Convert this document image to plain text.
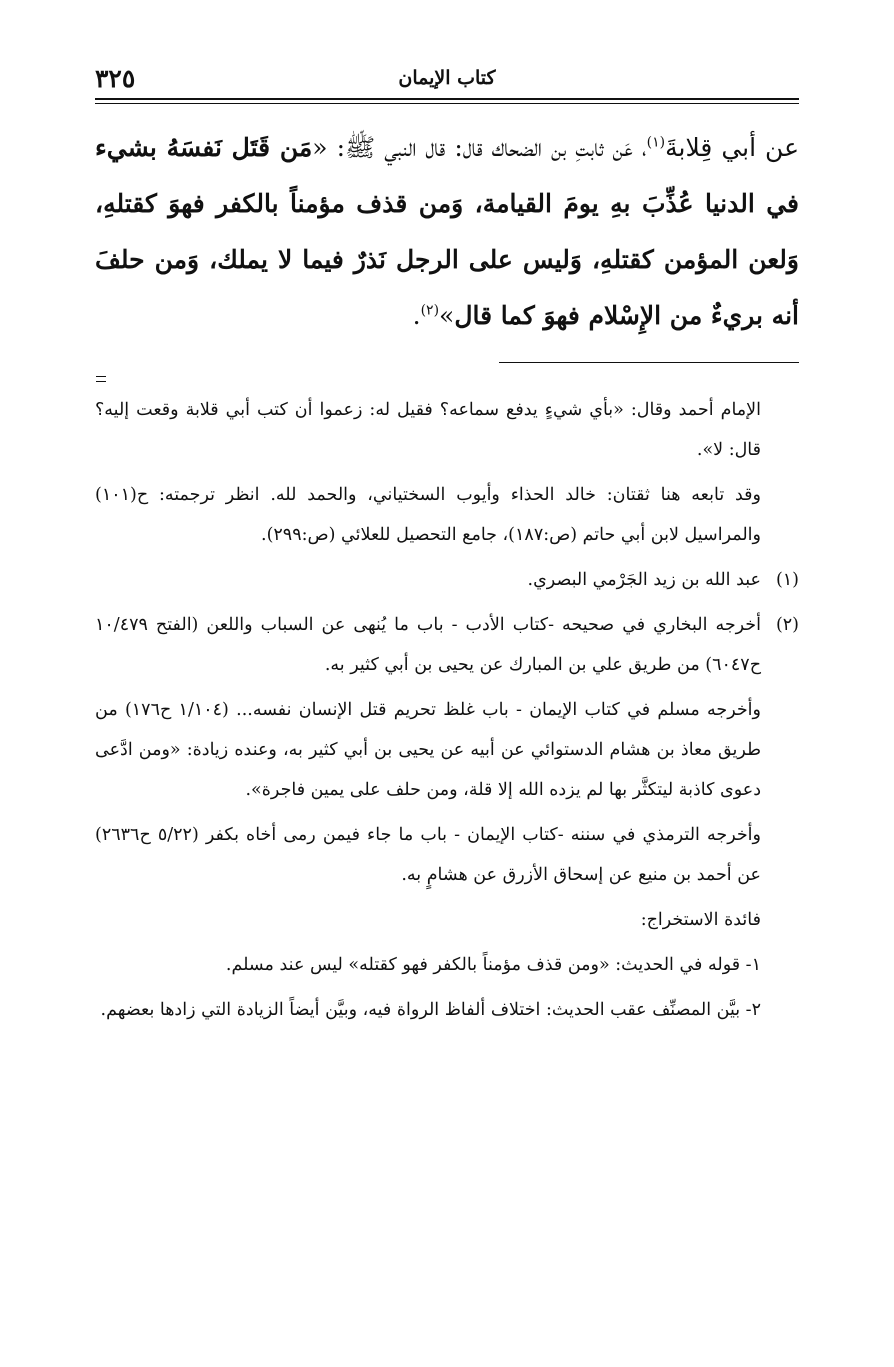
كتاب الإيمان
٣٢٥
عن أبي قِلابةَ$^{(١)}$، عَن ثابتِ بن الضحاك قال: قال النبي ﷺ: «مَن قَتَل نَفسَهُ بشيء في الدنيا عُذِّبَ بهِ يومَ القيامة، وَمن قذف مؤمناً بالكفر فهوَ كقتلهِ، وَلعن المؤمن كقتلهِ، وَليس على الرجل نَذرٌ فيما لا يملك، وَمن حلفَ أنه بريءٌ من الإِسْلام فهوَ كما قال»$^{(٢)}$.

الإمام أحمد وقال: «بأي شيءٍ يدفع سماعه؟ فقيل له: زعموا أن كتب أبي قلابة وقعت إليه؟ قال: لا».

وقد تابعه هنا ثقتان: خالد الحذاء وأيوب السختياني، والحمد لله. انظر ترجمته: ح(١٠١) والمراسيل لابن أبي حاتم (ص:١٨٧)، جامع التحصيل للعلائي (ص:٢٩٩).

(١)
عبد الله بن زيد الجَرْمي البصري.
(٢)
أخرجه البخاري في صحيحه -كتاب الأدب - باب ما يُنهى عن السباب واللعن (الفتح ١٠/٤٧٩ ح٦٠٤٧) من طريق علي بن المبارك عن يحيى بن أبي كثير به.

وأخرجه مسلم في كتاب الإيمان - باب غلظ تحريم قتل الإنسان نفسه... (١/١٠٤ ح١٧٦) من طريق معاذ بن هشام الدستوائي عن أبيه عن يحيى بن أبي كثير به، وعنده زيادة: «ومن ادَّعى دعوى كاذبة ليتكثَّر بها لم يزده الله إلا قلة، ومن حلف على يمين فاجرة».

وأخرجه الترمذي في سننه -كتاب الإيمان - باب ما جاء فيمن رمى أخاه بكفر (٥/٢٢ ح٢٦٣٦) عن أحمد بن منيع عن إسحاق الأزرق عن هشامٍ به.

فائدة الاستخراج:

١- قوله في الحديث: «ومن قذف مؤمناً بالكفر فهو كقتله» ليس عند مسلم.

٢- بيَّن المصنِّف عقب الحديث: اختلاف ألفاظ الرواة فيه، وبيَّن أيضاً الزيادة التي زادها بعضهم.
